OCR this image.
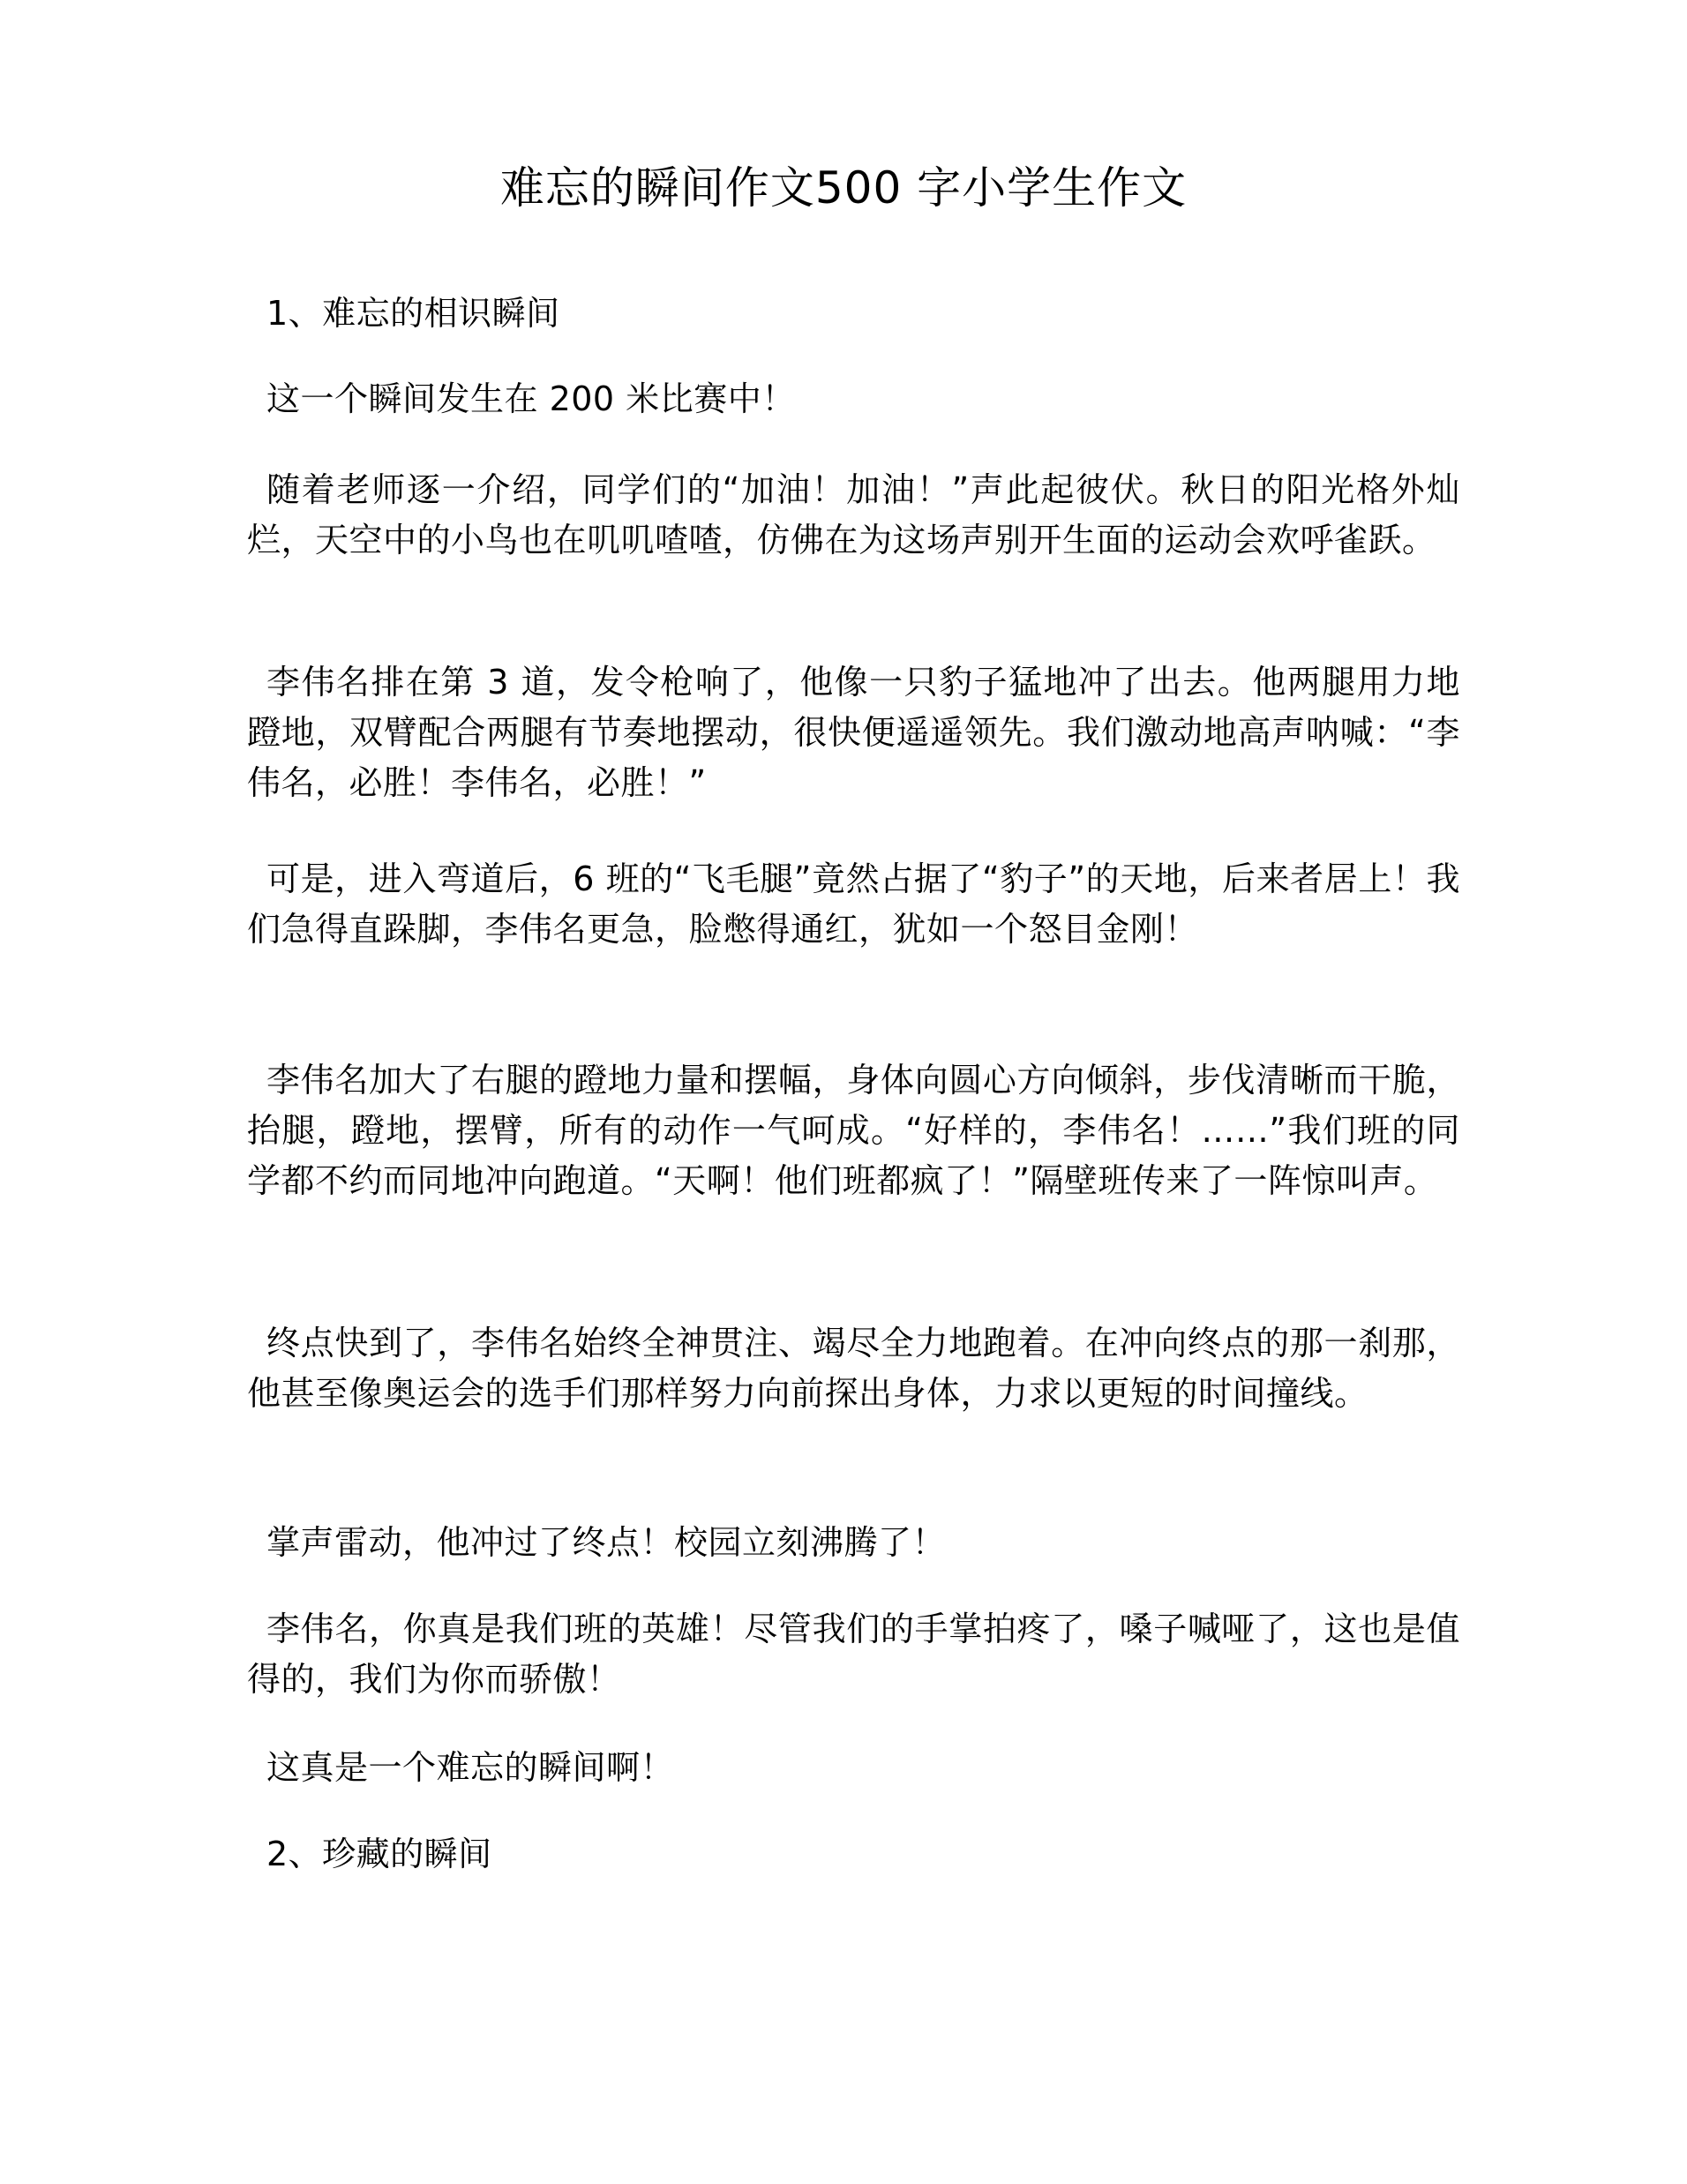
难忘的瞬间作文500 字小学生作文

1、难忘的相识瞬间

这一个瞬间发生在 200 米比赛中！

随着老师逐一介绍，同学们的“加油！加油！”声此起彼伏。秋日的阳光格外灿烂，天空中的小鸟也在叽叽喳喳，仿佛在为这场声别开生面的运动会欢呼雀跃。

李伟名排在第 3 道，发令枪响了，他像一只豹子猛地冲了出去。他两腿用力地蹬地，双臂配合两腿有节奏地摆动，很快便遥遥领先。我们激动地高声呐喊：“李伟名，必胜！李伟名，必胜！”

可是，进入弯道后，6 班的“飞毛腿”竟然占据了“豹子”的天地，后来者居上！我们急得直跺脚，李伟名更急，脸憋得通红，犹如一个怒目金刚！

李伟名加大了右腿的蹬地力量和摆幅，身体向圆心方向倾斜，步伐清晰而干脆，抬腿，蹬地，摆臂，所有的动作一气呵成。“好样的，李伟名！……”我们班的同学都不约而同地冲向跑道。“天啊！他们班都疯了！”隔壁班传来了一阵惊叫声。

终点快到了，李伟名始终全神贯注、竭尽全力地跑着。在冲向终点的那一刹那，他甚至像奥运会的选手们那样努力向前探出身体，力求以更短的时间撞线。

掌声雷动，他冲过了终点！校园立刻沸腾了！

李伟名，你真是我们班的英雄！尽管我们的手掌拍疼了，嗓子喊哑了，这也是值得的，我们为你而骄傲！

这真是一个难忘的瞬间啊！

2、珍藏的瞬间
